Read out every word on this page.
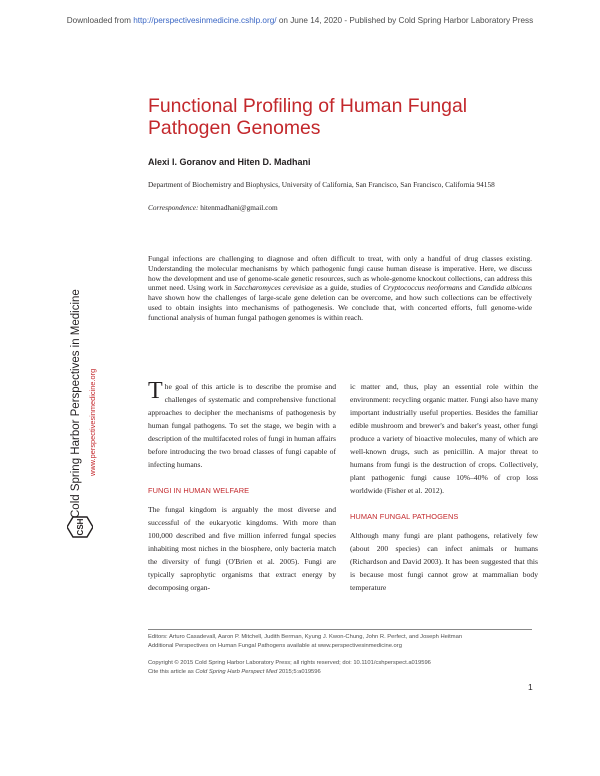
Downloaded from http://perspectivesinmedicine.cshlp.org/ on June 14, 2020 - Published by Cold Spring Harbor Laboratory Press
Cold Spring Harbor Perspectives in Medicine www.perspectivesinmedicine.org
CSH
Functional Profiling of Human Fungal
Pathogen Genomes
Alexi I. Goranov and Hiten D. Madhani
Department of Biochemistry and Biophysics, University of California, San Francisco, San Francisco, California 94158
Correspondence: hitenmadhani@gmail.com
Fungal infections are challenging to diagnose and often difficult to treat, with only a handful of drug classes existing. Understanding the molecular mechanisms by which pathogenic fungi cause human disease is imperative. Here, we discuss how the development and use of genome-scale genetic resources, such as whole-genome knockout collections, can address this unmet need. Using work in Saccharomyces cerevisiae as a guide, studies of Cryptococcus neoformans and Candida albicans have shown how the challenges of large-scale gene deletion can be overcome, and how such collections can be effectively used to obtain insights into mechanisms of pathogenesis. We conclude that, with concerted efforts, full genome-wide functional analysis of human fungal pathogen genomes is within reach.
The goal of this article is to describe the promise and challenges of systematic and comprehensive functional approaches to decipher the mechanisms of pathogenesis by human fungal pathogens. To set the stage, we begin with a description of the multifaceted roles of fungi in human affairs before introducing the two broad classes of fungi capable of infecting humans.
FUNGI IN HUMAN WELFARE
The fungal kingdom is arguably the most diverse and successful of the eukaryotic kingdoms. With more than 100,000 described and five million inferred fungal species inhabiting most niches in the biosphere, only bacteria match the diversity of fungi (O'Brien et al. 2005). Fungi are typically saprophytic organisms that extract energy by decomposing organ-
ic matter and, thus, play an essential role within the environment: recycling organic matter. Fungi also have many important industrially useful properties. Besides the familiar edible mushroom and brewer's and baker's yeast, other fungi produce a variety of bioactive molecules, many of which are well-known drugs, such as penicillin. A major threat to humans from fungi is the destruction of crops. Collectively, plant pathogenic fungi cause 10%–40% of crop loss worldwide (Fisher et al. 2012).
HUMAN FUNGAL PATHOGENS
Although many fungi are plant pathogens, relatively few (about 200 species) can infect animals or humans (Richardson and David 2003). It has been suggested that this is because most fungi cannot grow at mammalian body temperature
Editors: Arturo Casadevall, Aaron P. Mitchell, Judith Berman, Kyung J. Kwon-Chung, John R. Perfect, and Joseph Heitman
Additional Perspectives on Human Fungal Pathogens available at www.perspectivesinmedicine.org
Copyright © 2015 Cold Spring Harbor Laboratory Press; all rights reserved; doi: 10.1101/cshperspect.a019596
Cite this article as Cold Spring Harb Perspect Med 2015;5:a019596
1
